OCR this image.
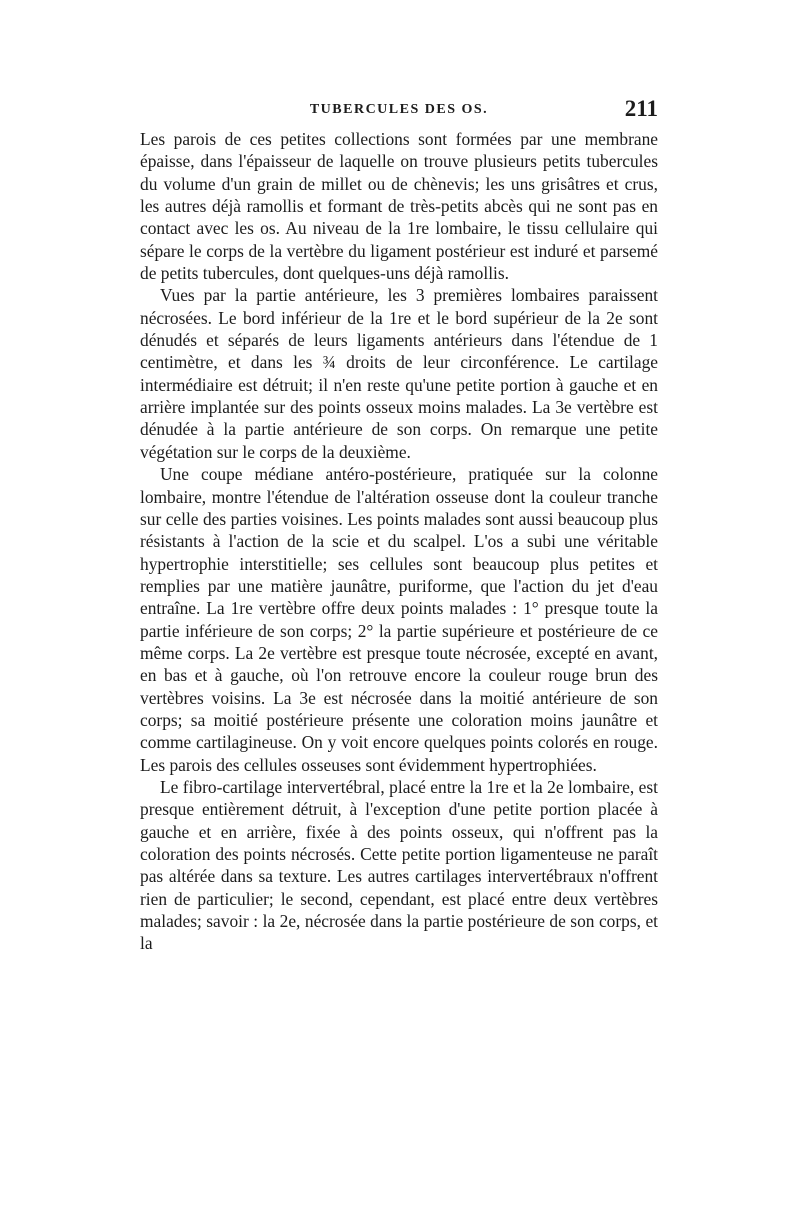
TUBERCULES DES OS.	211

Les parois de ces petites collections sont formées par une membrane épaisse, dans l'épaisseur de laquelle on trouve plusieurs petits tubercules du volume d'un grain de millet ou de chènevis; les uns grisâtres et crus, les autres déjà ramollis et formant de très-petits abcès qui ne sont pas en contact avec les os. Au niveau de la 1re lombaire, le tissu cellulaire qui sépare le corps de la vertèbre du ligament postérieur est induré et parsemé de petits tubercules, dont quelques-uns déjà ramollis.

Vues par la partie antérieure, les 3 premières lombaires paraissent nécrosées. Le bord inférieur de la 1re et le bord supérieur de la 2e sont dénudés et séparés de leurs ligaments antérieurs dans l'étendue de 1 centimètre, et dans les ¾ droits de leur circonférence. Le cartilage intermédiaire est détruit; il n'en reste qu'une petite portion à gauche et en arrière implantée sur des points osseux moins malades. La 3e vertèbre est dénudée à la partie antérieure de son corps. On remarque une petite végétation sur le corps de la deuxième.

Une coupe médiane antéro-postérieure, pratiquée sur la colonne lombaire, montre l'étendue de l'altération osseuse dont la couleur tranche sur celle des parties voisines. Les points malades sont aussi beaucoup plus résistants à l'action de la scie et du scalpel. L'os a subi une véritable hypertrophie interstitielle; ses cellules sont beaucoup plus petites et remplies par une matière jaunâtre, puriforme, que l'action du jet d'eau entraîne. La 1re vertèbre offre deux points malades : 1° presque toute la partie inférieure de son corps; 2° la partie supérieure et postérieure de ce même corps. La 2e vertèbre est presque toute nécrosée, excepté en avant, en bas et à gauche, où l'on retrouve encore la couleur rouge brun des vertèbres voisins. La 3e est nécrosée dans la moitié antérieure de son corps; sa moitié postérieure présente une coloration moins jaunâtre et comme cartilagineuse. On y voit encore quelques points colorés en rouge. Les parois des cellules osseuses sont évidemment hypertrophiées.

Le fibro-cartilage intervertébral, placé entre la 1re et la 2e lombaire, est presque entièrement détruit, à l'exception d'une petite portion placée à gauche et en arrière, fixée à des points osseux, qui n'offrent pas la coloration des points nécrosés. Cette petite portion ligamenteuse ne paraît pas altérée dans sa texture. Les autres cartilages intervertébraux n'offrent rien de particulier; le second, cependant, est placé entre deux vertèbres malades; savoir : la 2e, nécrosée dans la partie postérieure de son corps, et la
